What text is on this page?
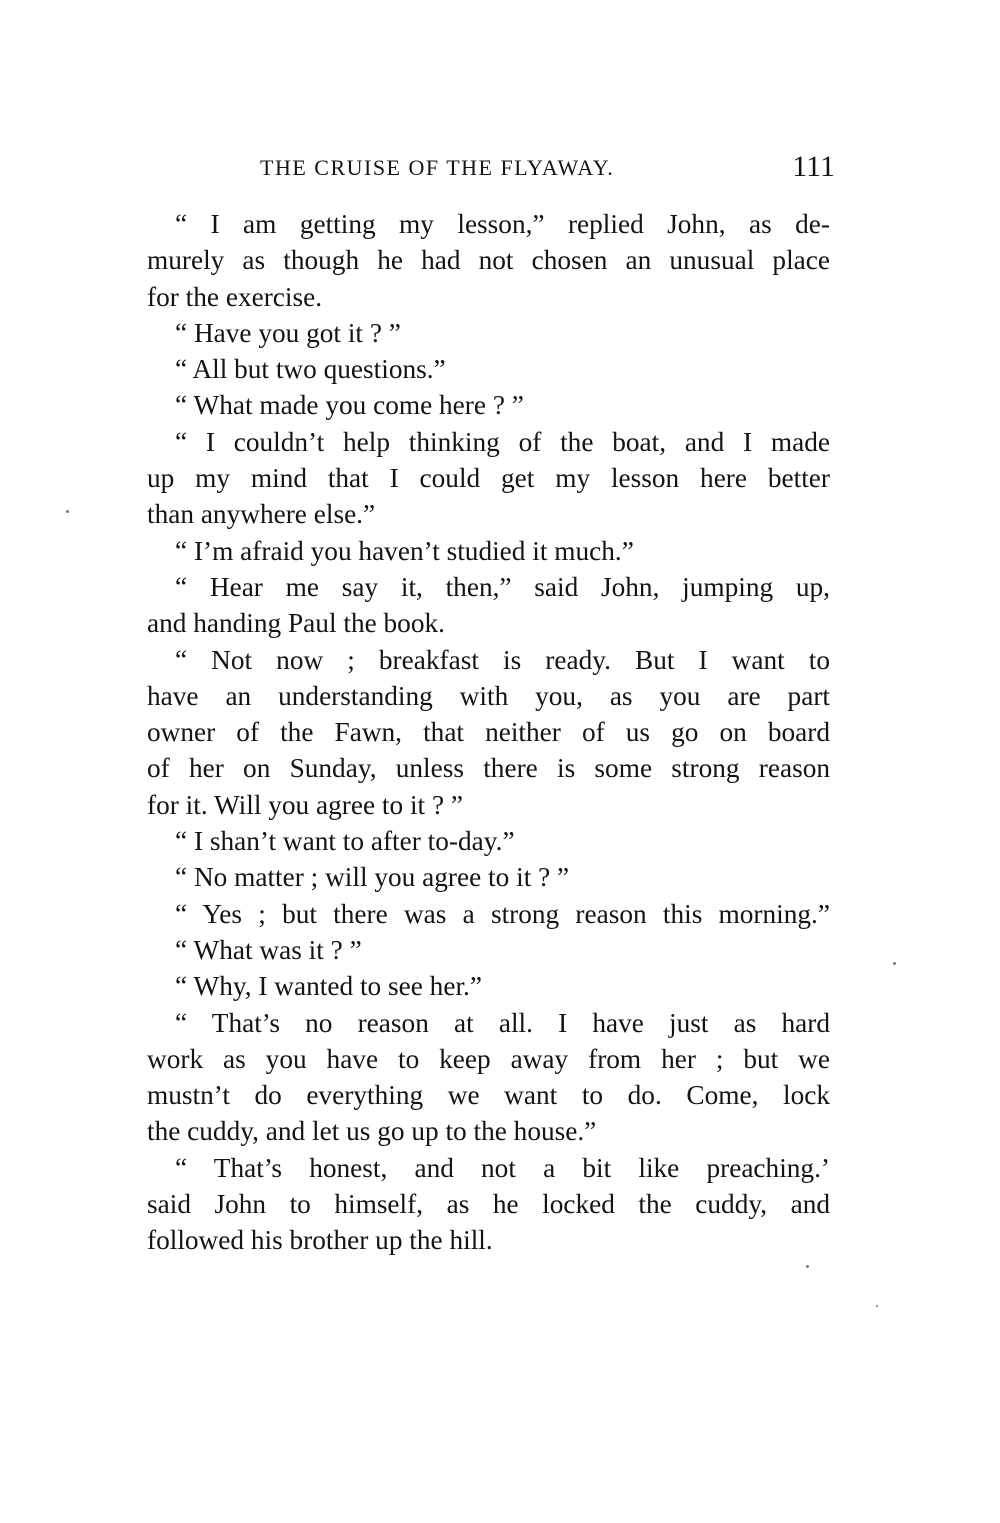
THE CRUISE OF THE FLYAWAY.	111
“ I am getting my lesson,” replied John, as de-
murely as though he had not chosen an unusual place
for the exercise.
“ Have you got it ? ”
“ All but two questions.”
“ What made you come here ? ”
“ I couldn’t help thinking of the boat, and I made
up my mind that I could get my lesson here better
than anywhere else.”
“ I’m afraid you haven’t studied it much.”
“ Hear me say it, then,” said John, jumping up,
and handing Paul the book.
“ Not now ; breakfast is ready. But I want to
have an understanding with you, as you are part
owner of the Fawn, that neither of us go on board
of her on Sunday, unless there is some strong reason
for it. Will you agree to it ? ”
“ I shan’t want to after to-day.”
“ No matter ; will you agree to it ? ”
“ Yes ; but there was a strong reason this morning.”
“ What was it ? ”
“ Why, I wanted to see her.”
“ That’s no reason at all. I have just as hard
work as you have to keep away from her ; but we
mustn’t do everything we want to do. Come, lock
the cuddy, and let us go up to the house.”
“ That’s honest, and not a bit like preaching.’
said John to himself, as he locked the cuddy, and
followed his brother up the hill.
